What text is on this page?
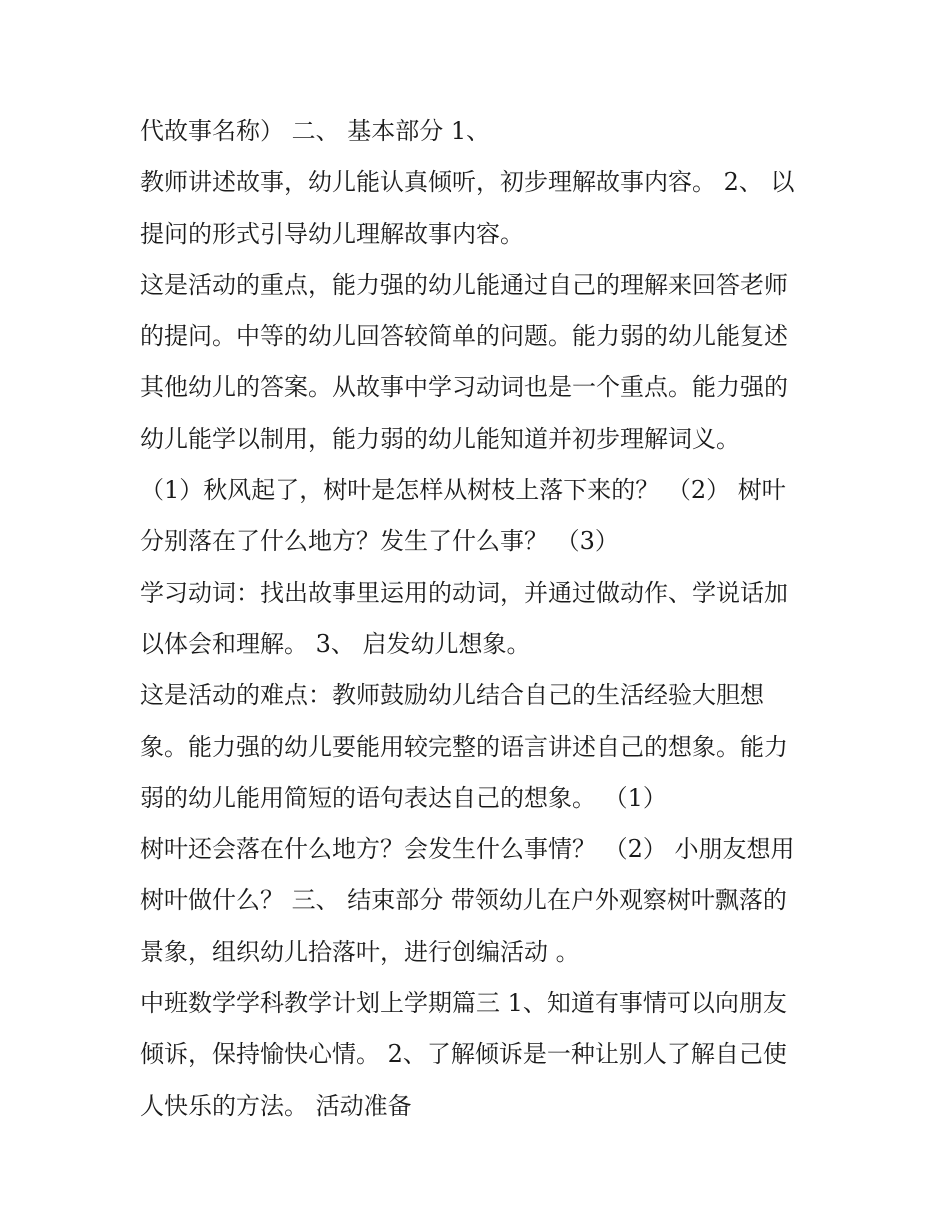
代故事名称） 二、 基本部分 1、
教师讲述故事，幼儿能认真倾听，初步理解故事内容。 2、 以
提问的形式引导幼儿理解故事内容。
这是活动的重点，能力强的幼儿能通过自己的理解来回答老师
的提问。中等的幼儿回答较简单的问题。能力弱的幼儿能复述
其他幼儿的答案。从故事中学习动词也是一个重点。能力强的
幼儿能学以制用，能力弱的幼儿能知道并初步理解词义。
（1）秋风起了，树叶是怎样从树枝上落下来的？ （2） 树叶
分别落在了什么地方？发生了什么事？ （3）
学习动词：找出故事里运用的动词，并通过做动作、学说话加
以体会和理解。 3、 启发幼儿想象。
这是活动的难点：教师鼓励幼儿结合自己的生活经验大胆想
象。能力强的幼儿要能用较完整的语言讲述自己的想象。能力
弱的幼儿能用简短的语句表达自己的想象。 （1）
树叶还会落在什么地方？会发生什么事情？ （2） 小朋友想用
树叶做什么？ 三、 结束部分 带领幼儿在户外观察树叶飘落的
景象，组织幼儿拾落叶，进行创编活动 。
中班数学学科教学计划上学期篇三 1、知道有事情可以向朋友
倾诉，保持愉快心情。 2、了解倾诉是一种让别人了解自己使
人快乐的方法。 活动准备
